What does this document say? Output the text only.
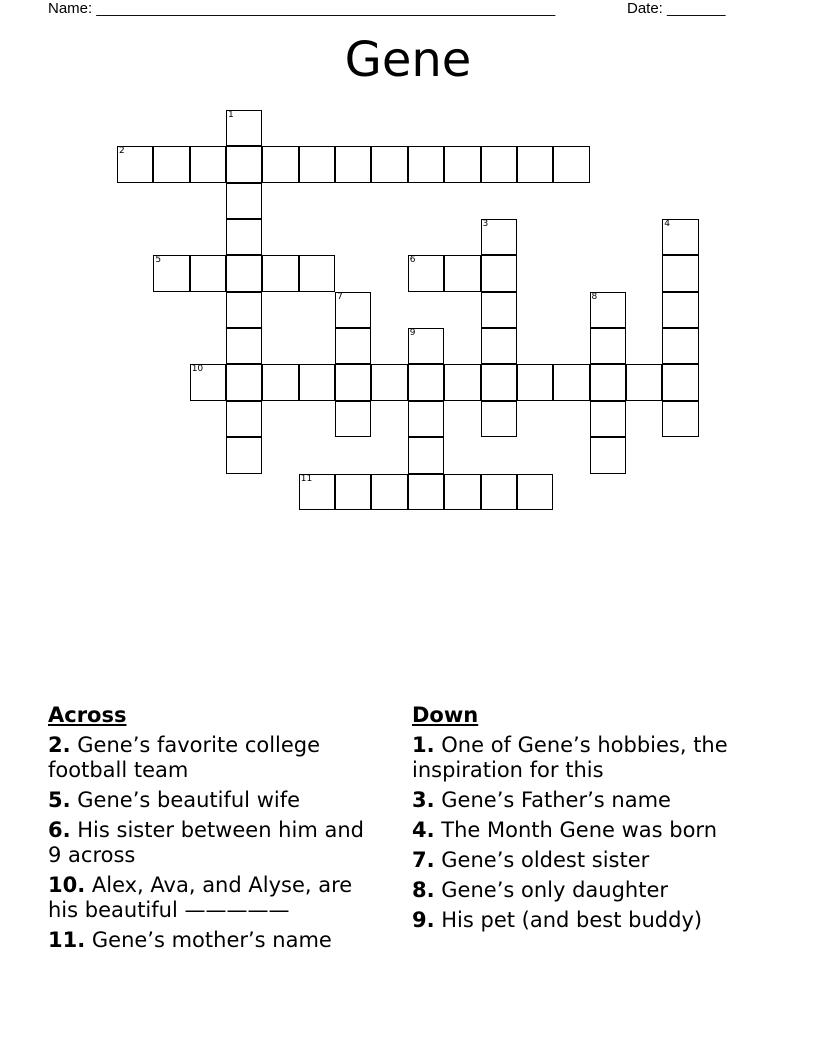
Name: _______________________________________________________	Date: _______
Gene
2
5	6
10
11
1
3	4
7	8
9
Across
2. Gene’s favorite college football team
5. Gene’s beautiful wife
6. His sister between him and 9 across
10. Alex, Ava, and Alyse, are his beautiful —————
11. Gene’s mother’s name
Down
1. One of Gene’s hobbies, the inspiration for this
3. Gene’s Father’s name
4. The Month Gene was born
7. Gene’s oldest sister
8. Gene’s only daughter
9. His pet (and best buddy)
